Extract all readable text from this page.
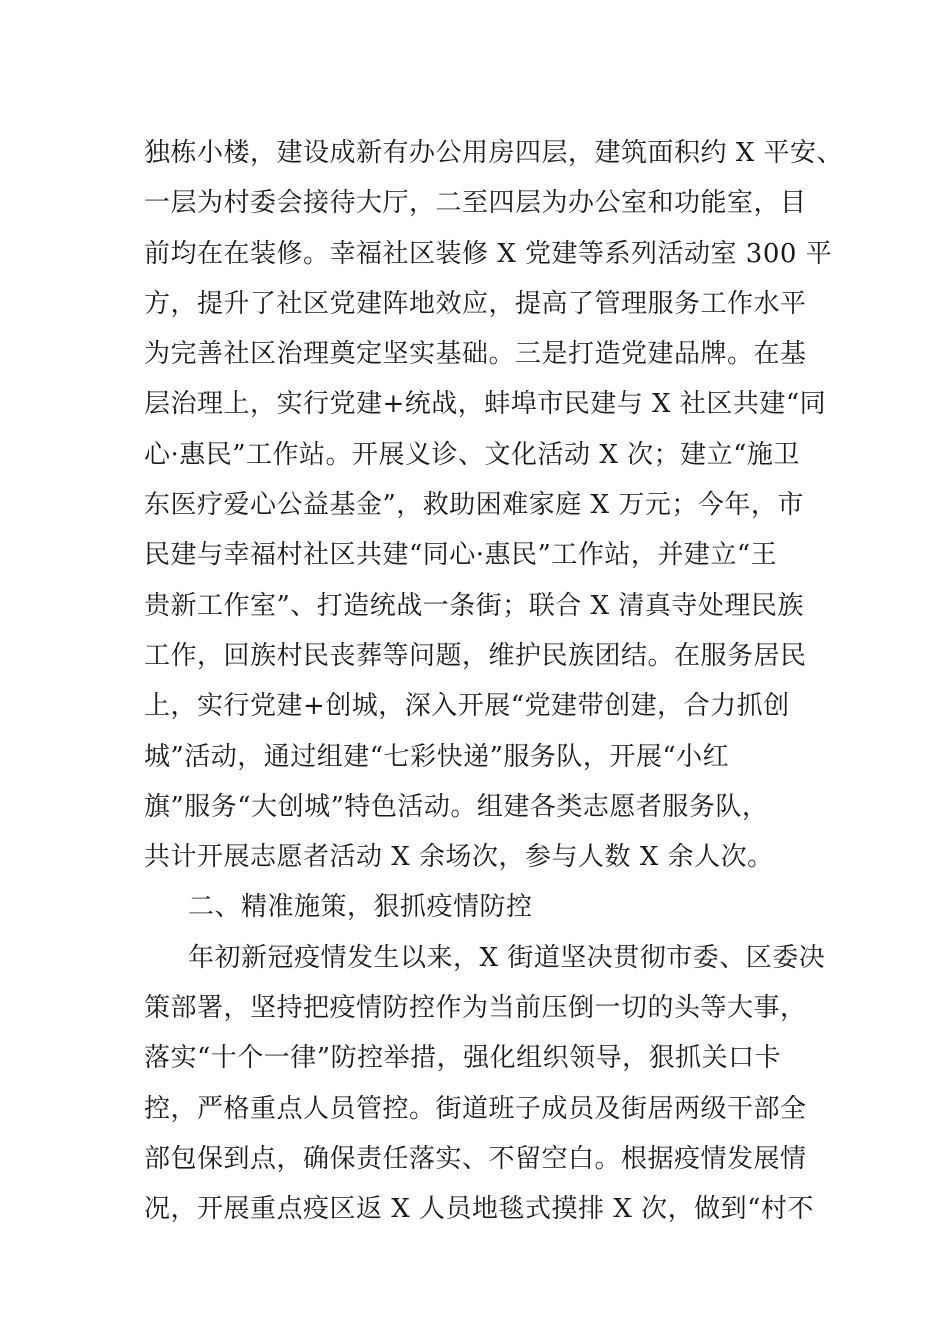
独栋小楼，建设成新有办公用房四层，建筑面积约 X 平安、
一层为村委会接待大厅，二至四层为办公室和功能室，目
前均在在装修。幸福社区装修 X 党建等系列活动室 300 平
方，提升了社区党建阵地效应，提高了管理服务工作水平
为完善社区治理奠定坚实基础。三是打造党建品牌。在基
层治理上，实行党建+统战，蚌埠市民建与 X 社区共建“同
心·惠民”工作站。开展义诊、文化活动 X 次；建立“施卫
东医疗爱心公益基金”，救助困难家庭 X 万元；今年，市
民建与幸福村社区共建“同心·惠民”工作站，并建立“王
贵新工作室”、打造统战一条街；联合 X 清真寺处理民族
工作，回族村民丧葬等问题，维护民族团结。在服务居民
上，实行党建+创城，深入开展“党建带创建，合力抓创
城”活动，通过组建“七彩快递”服务队，开展“小红
旗”服务“大创城”特色活动。组建各类志愿者服务队，
共计开展志愿者活动 X 余场次，参与人数 X 余人次。
二、精准施策，狠抓疫情防控
年初新冠疫情发生以来，X 街道坚决贯彻市委、区委决
策部署，坚持把疫情防控作为当前压倒一切的头等大事，
落实“十个一律”防控举措，强化组织领导，狠抓关口卡
控，严格重点人员管控。街道班子成员及街居两级干部全
部包保到点，确保责任落实、不留空白。根据疫情发展情
况，开展重点疫区返 X 人员地毯式摸排 X 次，做到“村不
